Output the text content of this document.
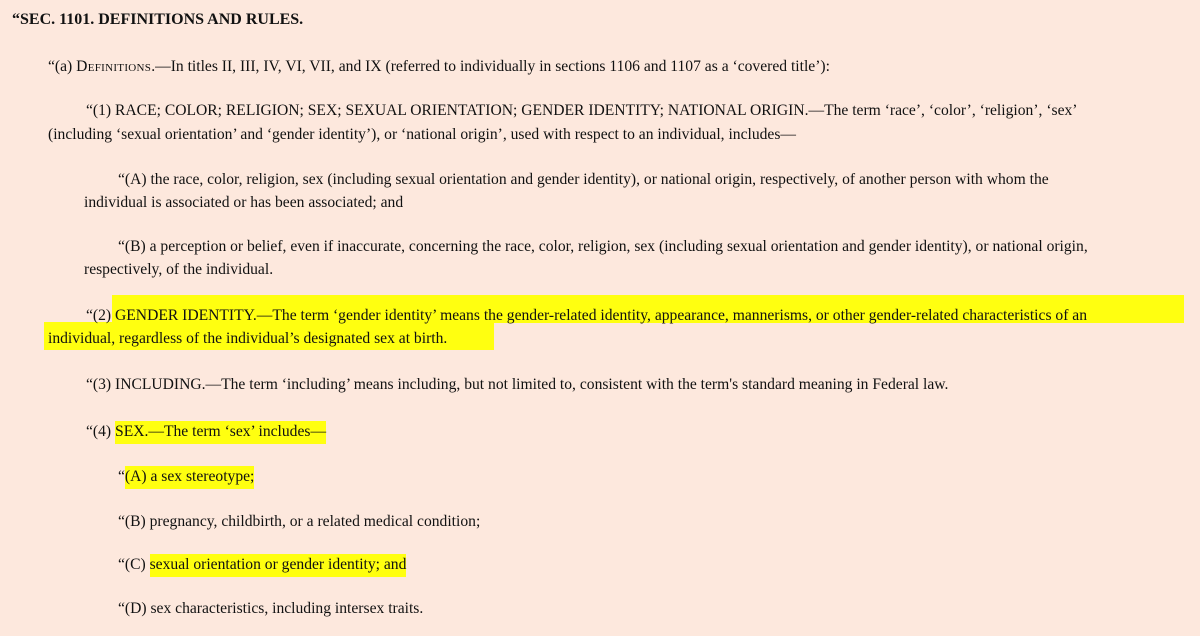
“SEC. 1101. DEFINITIONS AND RULES.
“(a) Definitions.—In titles II, III, IV, VI, VII, and IX (referred to individually in sections 1106 and 1107 as a ‘covered title’):
“(1) RACE; COLOR; RELIGION; SEX; SEXUAL ORIENTATION; GENDER IDENTITY; NATIONAL ORIGIN.—The term ‘race’, ‘color’, ‘religion’, ‘sex’
(including ‘sexual orientation’ and ‘gender identity’), or ‘national origin’, used with respect to an individual, includes—
“(A) the race, color, religion, sex (including sexual orientation and gender identity), or national origin, respectively, of another person with whom the
individual is associated or has been associated; and
“(B) a perception or belief, even if inaccurate, concerning the race, color, religion, sex (including sexual orientation and gender identity), or national origin,
respectively, of the individual.
“(2) GENDER IDENTITY.—The term ‘gender identity’ means the gender-related identity, appearance, mannerisms, or other gender-related characteristics of an
individual, regardless of the individual’s designated sex at birth.
“(3) INCLUDING.—The term ‘including’ means including, but not limited to, consistent with the term's standard meaning in Federal law.
“(4) SEX.—The term ‘sex’ includes—
“(A) a sex stereotype;
“(B) pregnancy, childbirth, or a related medical condition;
“(C) sexual orientation or gender identity; and
“(D) sex characteristics, including intersex traits.
